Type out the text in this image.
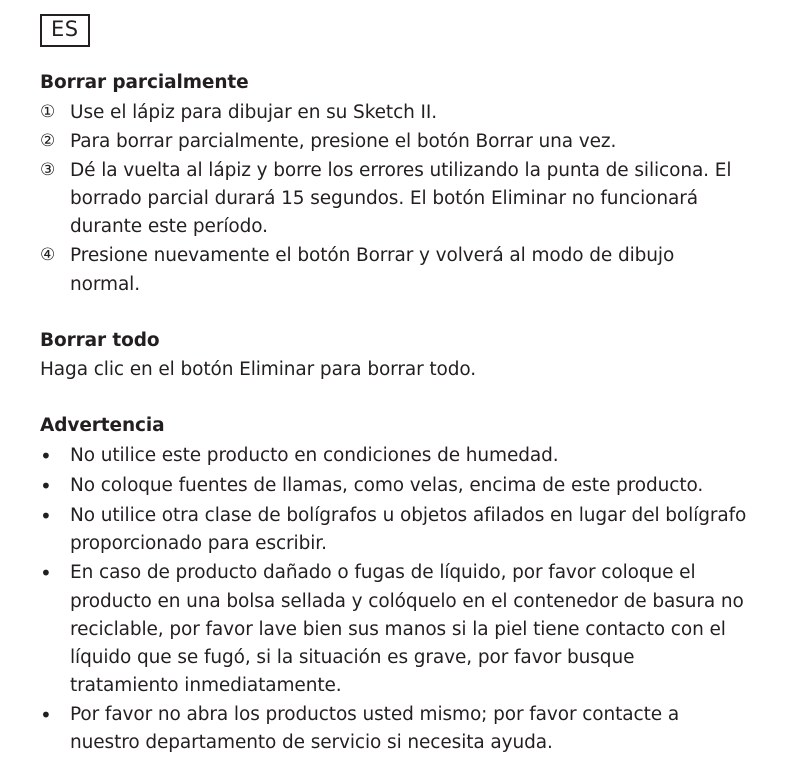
ES
Borrar parcialmente
① Use el lápiz para dibujar en su Sketch II.
② Para borrar parcialmente, presione el botón Borrar una vez.
③ Dé la vuelta al lápiz y borre los errores utilizando la punta de silicona. El borrado parcial durará 15 segundos. El botón Eliminar no funcionará durante este período.
④ Presione nuevamente el botón Borrar y volverá al modo de dibujo normal.
Borrar todo
Haga clic en el botón Eliminar para borrar todo.
Advertencia
• No utilice este producto en condiciones de humedad.
• No coloque fuentes de llamas, como velas, encima de este producto.
• No utilice otra clase de bolígrafos u objetos afilados en lugar del bolígrafo proporcionado para escribir.
• En caso de producto dañado o fugas de líquido, por favor coloque el producto en una bolsa sellada y colóquelo en el contenedor de basura no reciclable, por favor lave bien sus manos si la piel tiene contacto con el líquido que se fugó, si la situación es grave, por favor busque tratamiento inmediatamente.
• Por favor no abra los productos usted mismo; por favor contacte a nuestro departamento de servicio si necesita ayuda.
